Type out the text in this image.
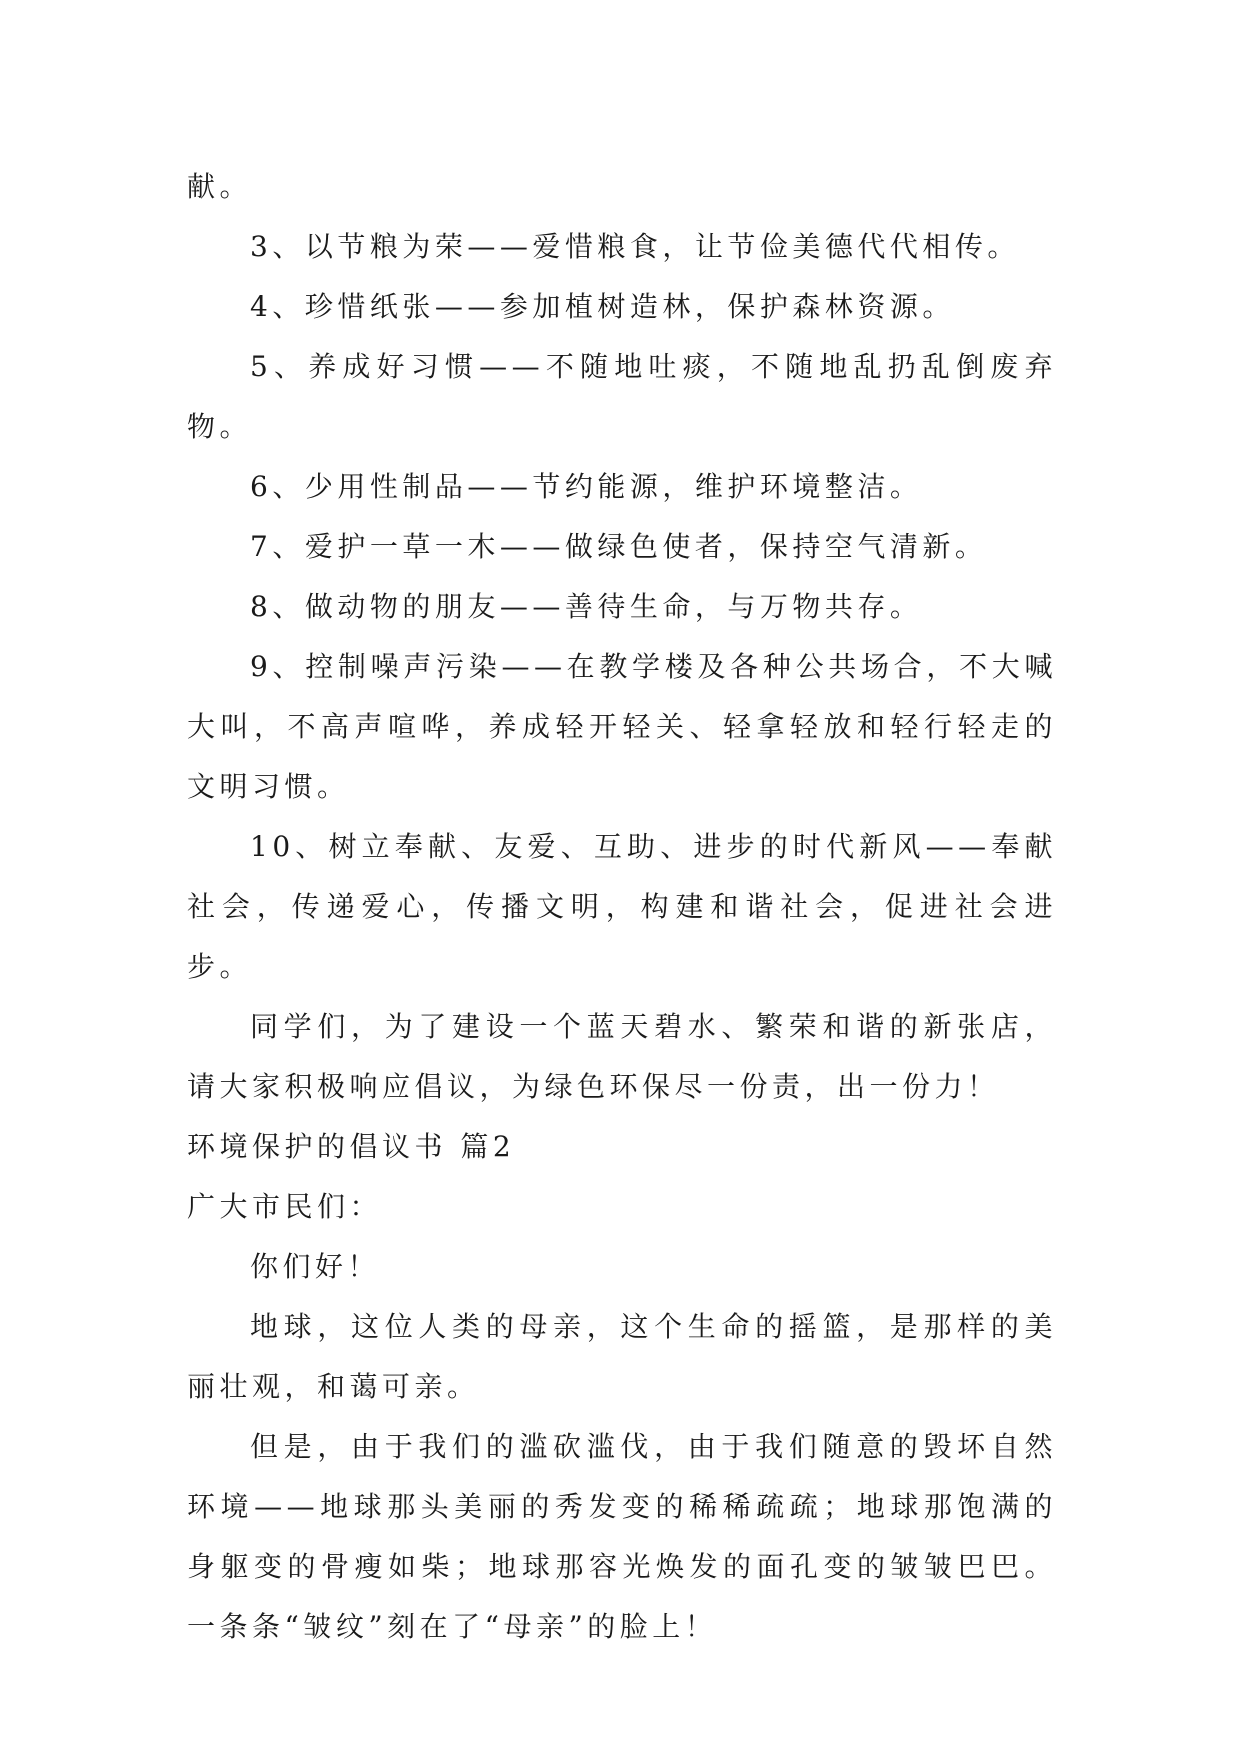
献。

3、以节粮为荣——爱惜粮食，让节俭美德代代相传。

4、珍惜纸张——参加植树造林，保护森林资源。

5、养成好习惯——不随地吐痰，不随地乱扔乱倒废弃物。

6、少用性制品——节约能源，维护环境整洁。

7、爱护一草一木——做绿色使者，保持空气清新。

8、做动物的朋友——善待生命，与万物共存。

9、控制噪声污染——在教学楼及各种公共场合，不大喊大叫，不高声喧哗，养成轻开轻关、轻拿轻放和轻行轻走的文明习惯。

10、树立奉献、友爱、互助、进步的时代新风——奉献社会，传递爱心，传播文明，构建和谐社会，促进社会进步。

同学们，为了建设一个蓝天碧水、繁荣和谐的新张店，请大家积极响应倡议，为绿色环保尽一份责，出一份力！

环境保护的倡议书 篇2

广大市民们：

你们好！

地球，这位人类的母亲，这个生命的摇篮，是那样的美丽壮观，和蔼可亲。

但是，由于我们的滥砍滥伐，由于我们随意的毁坏自然环境——地球那头美丽的秀发变的稀稀疏疏；地球那饱满的身躯变的骨瘦如柴；地球那容光焕发的面孔变的皱皱巴巴。一条条“皱纹”刻在了“母亲”的脸上！
